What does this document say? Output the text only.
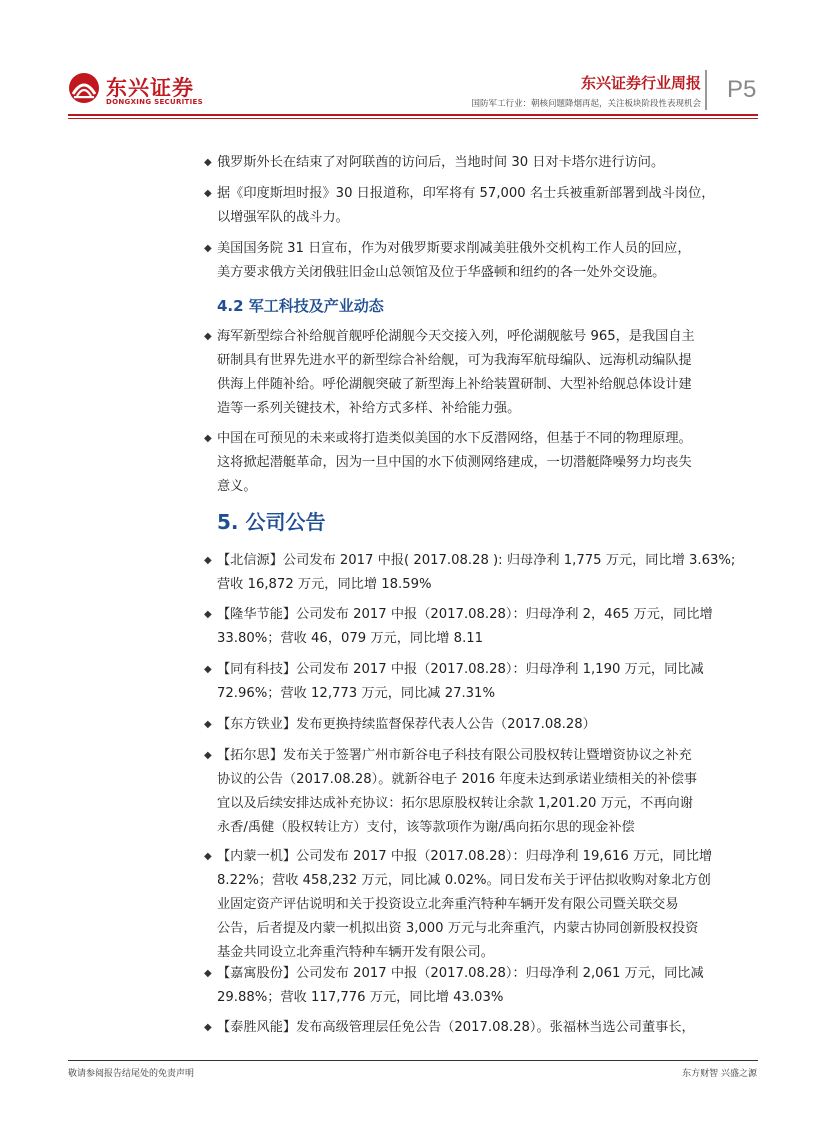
东兴证券
DONGXING SECURITIES
东兴证券行业周报
国防军工行业：朝核问题降烟再起，关注板块阶段性表现机会
P5
◆ 俄罗斯外长在结束了对阿联酋的访问后，当地时间 30 日对卡塔尔进行访问。
◆ 据《印度斯坦时报》30 日报道称，印军将有 57,000 名士兵被重新部署到战斗岗位，
以增强军队的战斗力。
◆ 美国国务院 31 日宣布，作为对俄罗斯要求削减美驻俄外交机构工作人员的回应，
美方要求俄方关闭俄驻旧金山总领馆及位于华盛顿和纽约的各一处外交设施。
4.2 军工科技及产业动态
◆ 海军新型综合补给舰首舰呼伦湖舰今天交接入列，呼伦湖舰舷号 965，是我国自主
研制具有世界先进水平的新型综合补给舰，可为我海军航母编队、远海机动编队提
供海上伴随补给。呼伦湖舰突破了新型海上补给装置研制、大型补给舰总体设计建
造等一系列关键技术，补给方式多样、补给能力强。
◆ 中国在可预见的未来或将打造类似美国的水下反潜网络，但基于不同的物理原理。
这将掀起潜艇革命，因为一旦中国的水下侦测网络建成，一切潜艇降噪努力均丧失
意义。
5. 公司公告
◆ 【北信源】公司发布 2017 中报( 2017.08.28 ): 归母净利 1,775 万元，同比增 3.63%;
营收 16,872 万元，同比增 18.59%
◆ 【隆华节能】公司发布 2017 中报（2017.08.28）：归母净利 2，465 万元，同比增
33.80%；营收 46，079 万元，同比增 8.11
◆ 【同有科技】公司发布 2017 中报（2017.08.28）：归母净利 1,190 万元，同比减
72.96%；营收 12,773 万元，同比减 27.31%
◆ 【东方铁业】发布更换持续监督保荐代表人公告（2017.08.28）
◆ 【拓尔思】发布关于签署广州市新谷电子科技有限公司股权转让暨增资协议之补充
协议的公告（2017.08.28）。就新谷电子 2016 年度未达到承诺业绩相关的补偿事
宜以及后续安排达成补充协议：拓尔思原股权转让余款 1,201.20 万元，不再向谢
永香/禹健（股权转让方）支付，该等款项作为谢/禹向拓尔思的现金补偿
◆ 【内蒙一机】公司发布 2017 中报（2017.08.28）：归母净利 19,616 万元，同比增
8.22%；营收 458,232 万元，同比减 0.02%。同日发布关于评估拟收购对象北方创
业固定资产评估说明和关于投资设立北奔重汽特种车辆开发有限公司暨关联交易
公告，后者提及内蒙一机拟出资 3,000 万元与北奔重汽，内蒙古协同创新股权投资
基金共同设立北奔重汽特种车辆开发有限公司。
◆ 【嘉寓股份】公司发布 2017 中报（2017.08.28）：归母净利 2,061 万元，同比减
29.88%；营收 117,776 万元，同比增 43.03%
◆ 【泰胜风能】发布高级管理层任免公告（2017.08.28）。张福林当选公司董事长，
敬请参阅报告结尾处的免责声明	东方财智 兴盛之源
